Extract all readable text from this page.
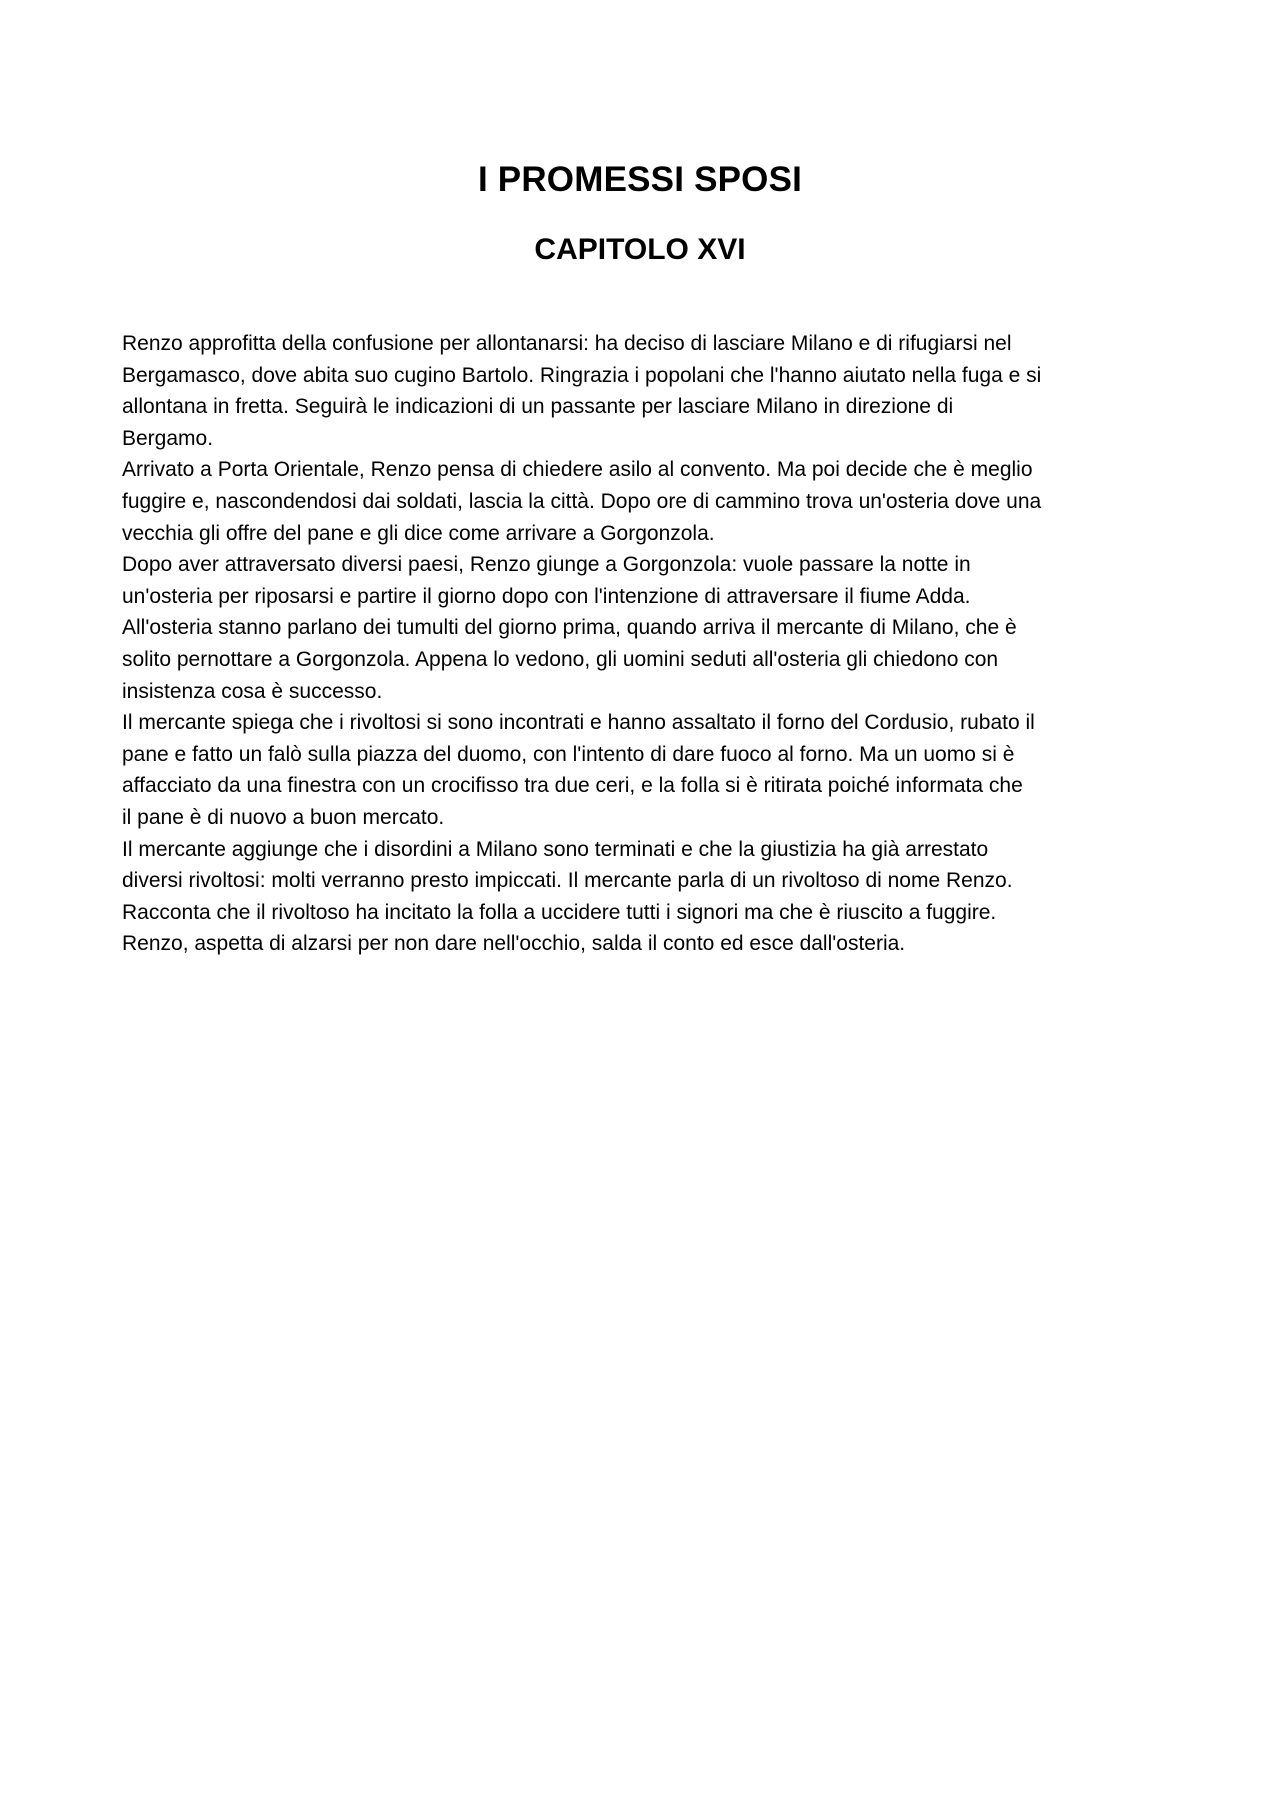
I PROMESSI SPOSI
CAPITOLO XVI
Renzo approfitta della confusione per allontanarsi: ha deciso di lasciare Milano e di rifugiarsi nel
Bergamasco, dove abita suo cugino Bartolo. Ringrazia i popolani che l'hanno aiutato nella fuga e si
allontana in fretta. Seguirà le indicazioni di un passante per lasciare Milano in direzione di
Bergamo.
Arrivato a Porta Orientale, Renzo pensa di chiedere asilo al convento. Ma poi decide che è meglio
fuggire e, nascondendosi dai soldati, lascia la città. Dopo ore di cammino trova un'osteria dove una
vecchia gli offre del pane e gli dice come arrivare a Gorgonzola.
Dopo aver attraversato diversi paesi, Renzo giunge a Gorgonzola: vuole passare la notte in
un'osteria per riposarsi e partire il giorno dopo con l'intenzione di attraversare il fiume Adda.
All'osteria stanno parlano dei tumulti del giorno prima, quando arriva il mercante di Milano, che è
solito pernottare a Gorgonzola. Appena lo vedono, gli uomini seduti all'osteria gli chiedono con
insistenza cosa è successo.
Il mercante spiega che i rivoltosi si sono incontrati e hanno assaltato il forno del Cordusio, rubato il
pane e fatto un falò sulla piazza del duomo, con l'intento di dare fuoco al forno. Ma un uomo si è
affacciato da una finestra con un crocifisso tra due ceri, e la folla si è ritirata poiché informata che
il pane è di nuovo a buon mercato.
Il mercante aggiunge che i disordini a Milano sono terminati e che la giustizia ha già arrestato
diversi rivoltosi: molti verranno presto impiccati. Il mercante parla di un rivoltoso di nome Renzo.
Racconta che il rivoltoso ha incitato la folla a uccidere tutti i signori ma che è riuscito a fuggire.
Renzo, aspetta di alzarsi per non dare nell'occhio, salda il conto ed esce dall'osteria.
